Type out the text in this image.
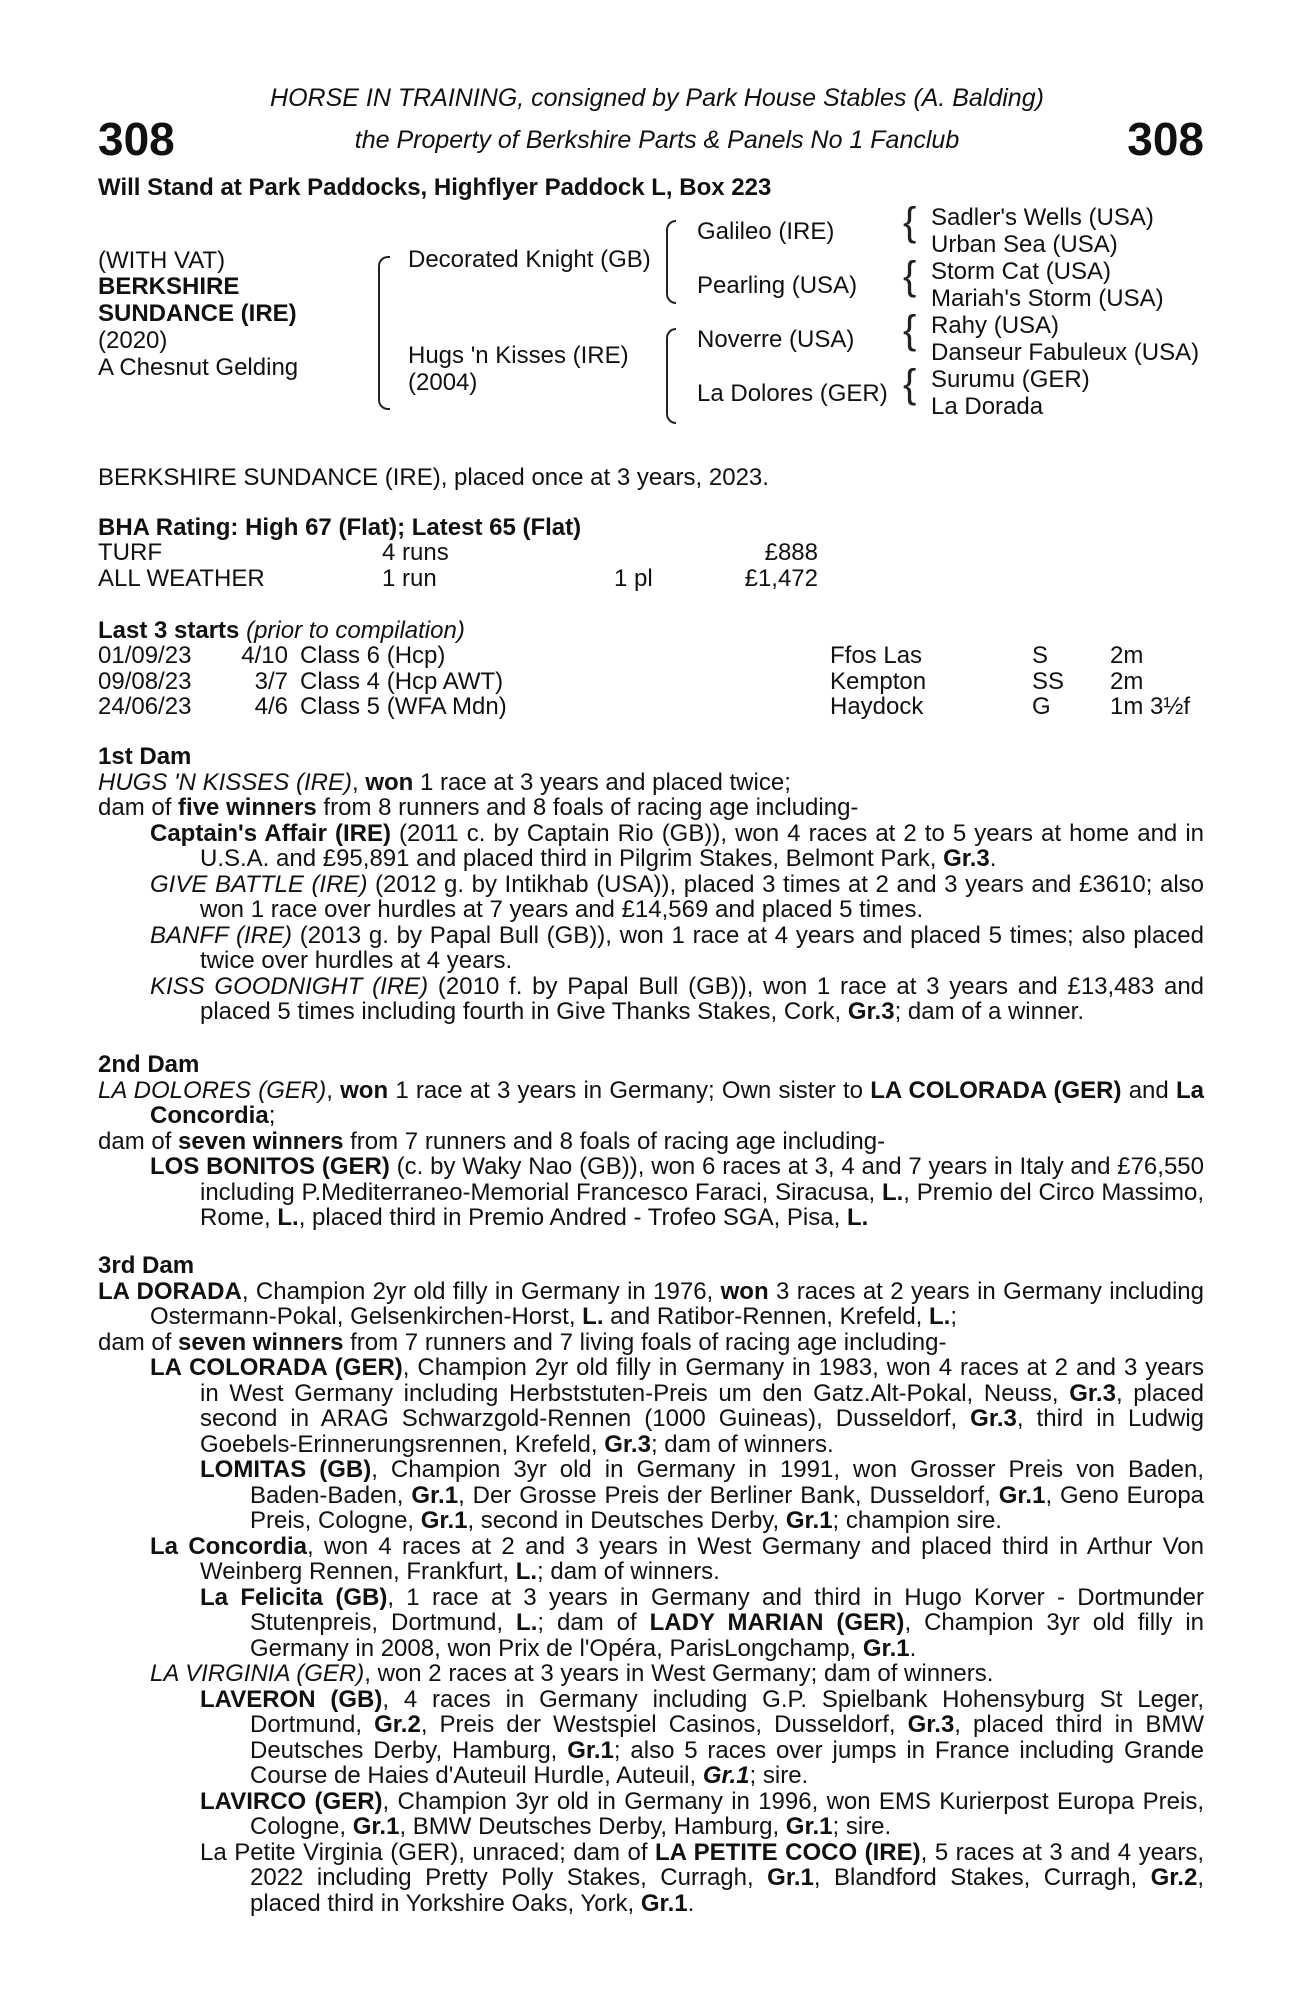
308	308
HORSE IN TRAINING, consigned by Park House Stables (A. Balding)
the Property of Berkshire Parts & Panels No 1 Fanclub
Will Stand at Park Paddocks, Highflyer Paddock L, Box 223
(WITH VAT)
BERKSHIRE
SUNDANCE (IRE)
(2020)
A Chesnut Gelding
Decorated Knight (GB)
Hugs 'n Kisses (IRE)
(2004)
Galileo (IRE)
Pearling (USA)
Noverre (USA)
La Dolores (GER)
{
{
{
{
Sadler's Wells (USA)
Urban Sea (USA)
Storm Cat (USA)
Mariah's Storm (USA)
Rahy (USA)
Danseur Fabuleux (USA)
Surumu (GER)
La Dorada
BERKSHIRE SUNDANCE (IRE), placed once at 3 years, 2023.
BHA Rating: High 67 (Flat); Latest 65 (Flat)
TURF	4 runs		£888
ALL WEATHER	1 run	1 pl	£1,472
Last 3 starts (prior to compilation)
01/09/23	4/10	Class 6 (Hcp)	Ffos Las	S	2m
09/08/23	3/7	Class 4 (Hcp AWT)	Kempton	SS	2m
24/06/23	4/6	Class 5 (WFA Mdn)	Haydock	G	1m 3½f

1st Dam

HUGS 'N KISSES (IRE), won 1 race at 3 years and placed twice;

dam of five winners from 8 runners and 8 foals of racing age including-

Captain's Affair (IRE) (2011 c. by Captain Rio (GB)), won 4 races at 2 to 5 years at home and in U.S.A. and £95,891 and placed third in Pilgrim Stakes, Belmont Park, Gr.3.

GIVE BATTLE (IRE) (2012 g. by Intikhab (USA)), placed 3 times at 2 and 3 years and £3610; also won 1 race over hurdles at 7 years and £14,569 and placed 5 times.

BANFF (IRE) (2013 g. by Papal Bull (GB)), won 1 race at 4 years and placed 5 times; also placed twice over hurdles at 4 years.

KISS GOODNIGHT (IRE) (2010 f. by Papal Bull (GB)), won 1 race at 3 years and £13,483 and placed 5 times including fourth in Give Thanks Stakes, Cork, Gr.3; dam of a winner.

2nd Dam

LA DOLORES (GER), won 1 race at 3 years in Germany; Own sister to LA COLORADA (GER) and La Concordia;

dam of seven winners from 7 runners and 8 foals of racing age including-

LOS BONITOS (GER) (c. by Waky Nao (GB)), won 6 races at 3, 4 and 7 years in Italy and £76,550 including P.Mediterraneo-Memorial Francesco Faraci, Siracusa, L., Premio del Circo Massimo, Rome, L., placed third in Premio Andred - Trofeo SGA, Pisa, L.

3rd Dam

LA DORADA, Champion 2yr old filly in Germany in 1976, won 3 races at 2 years in Germany including Ostermann-Pokal, Gelsenkirchen-Horst, L. and Ratibor-Rennen, Krefeld, L.;

dam of seven winners from 7 runners and 7 living foals of racing age including-

LA COLORADA (GER), Champion 2yr old filly in Germany in 1983, won 4 races at 2 and 3 years in West Germany including Herbststuten-Preis um den Gatz.Alt-Pokal, Neuss, Gr.3, placed second in ARAG Schwarzgold-Rennen (1000 Guineas), Dusseldorf, Gr.3, third in Ludwig Goebels-Erinnerungsrennen, Krefeld, Gr.3; dam of winners.

LOMITAS (GB), Champion 3yr old in Germany in 1991, won Grosser Preis von Baden, Baden-Baden, Gr.1, Der Grosse Preis der Berliner Bank, Dusseldorf, Gr.1, Geno Europa Preis, Cologne, Gr.1, second in Deutsches Derby, Gr.1; champion sire.

La Concordia, won 4 races at 2 and 3 years in West Germany and placed third in Arthur Von Weinberg Rennen, Frankfurt, L.; dam of winners.

La Felicita (GB), 1 race at 3 years in Germany and third in Hugo Korver - Dortmunder Stutenpreis, Dortmund, L.; dam of LADY MARIAN (GER), Champion 3yr old filly in Germany in 2008, won Prix de l'Opéra, ParisLongchamp, Gr.1.

LA VIRGINIA (GER), won 2 races at 3 years in West Germany; dam of winners.

LAVERON (GB), 4 races in Germany including G.P. Spielbank Hohensyburg St Leger, Dortmund, Gr.2, Preis der Westspiel Casinos, Dusseldorf, Gr.3, placed third in BMW Deutsches Derby, Hamburg, Gr.1; also 5 races over jumps in France including Grande Course de Haies d'Auteuil Hurdle, Auteuil, Gr.1; sire.

LAVIRCO (GER), Champion 3yr old in Germany in 1996, won EMS Kurierpost Europa Preis, Cologne, Gr.1, BMW Deutsches Derby, Hamburg, Gr.1; sire.

La Petite Virginia (GER), unraced; dam of LA PETITE COCO (IRE), 5 races at 3 and 4 years, 2022 including Pretty Polly Stakes, Curragh, Gr.1, Blandford Stakes, Curragh, Gr.2, placed third in Yorkshire Oaks, York, Gr.1.
